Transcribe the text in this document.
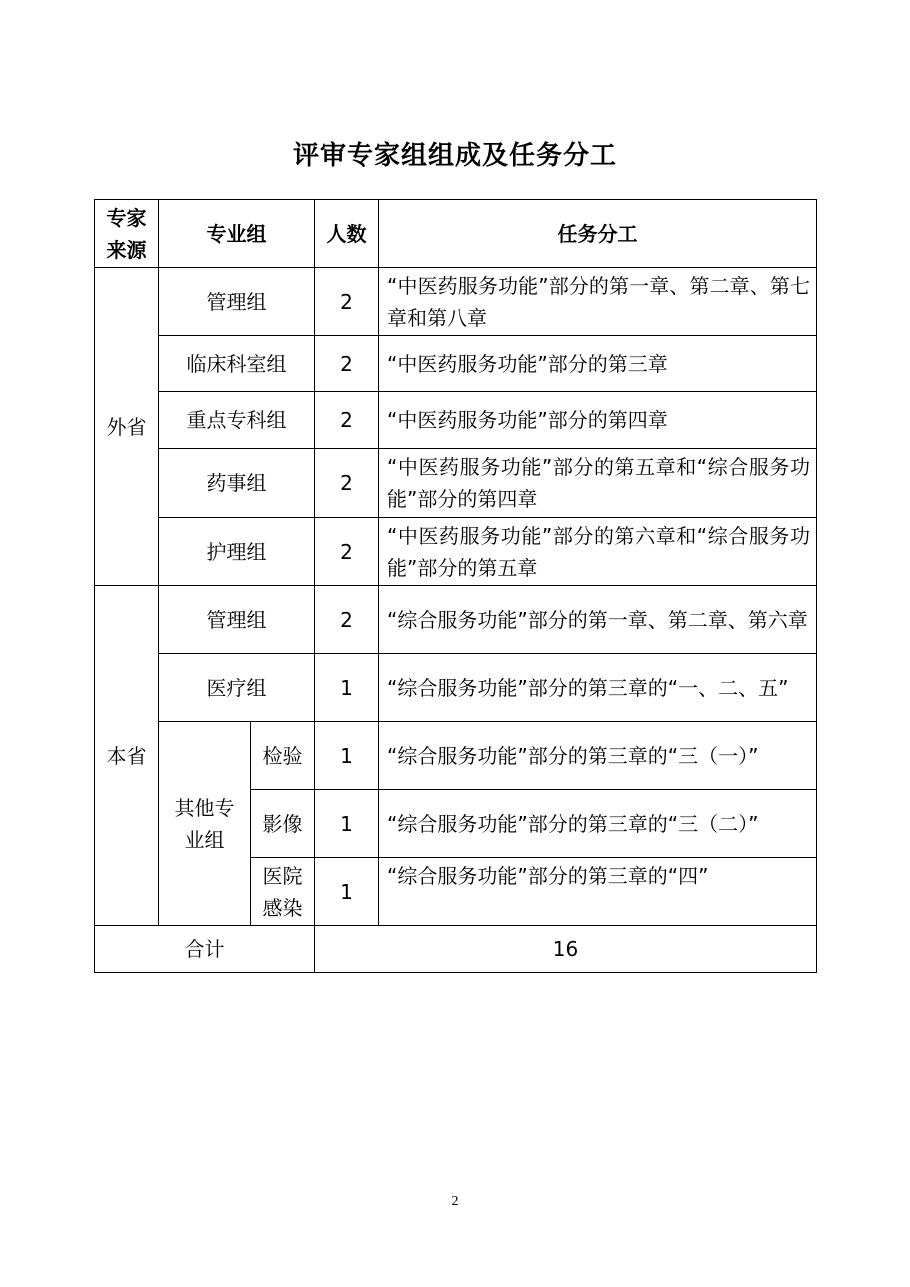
评审专家组组成及任务分工
专家来源	专业组		人数	任务分工
外省	管理组		2	“中医药服务功能”部分的第一章、第二章、第七章和第八章
	临床科室组		2	“中医药服务功能”部分的第三章
	重点专科组		2	“中医药服务功能”部分的第四章
	药事组		2	“中医药服务功能”部分的第五章和“综合服务功能”部分的第四章
	护理组		2	“中医药服务功能”部分的第六章和“综合服务功能”部分的第五章
本省	管理组		2	“综合服务功能”部分的第一章、第二章、第六章
	医疗组		1	“综合服务功能”部分的第三章的“一、二、五”
	其他专业组	检验	1	“综合服务功能”部分的第三章的“三（一）”
		影像	1	“综合服务功能”部分的第三章的“三（二）”
		医院感染	1	“综合服务功能”部分的第三章的“四”
合计			16	
2
